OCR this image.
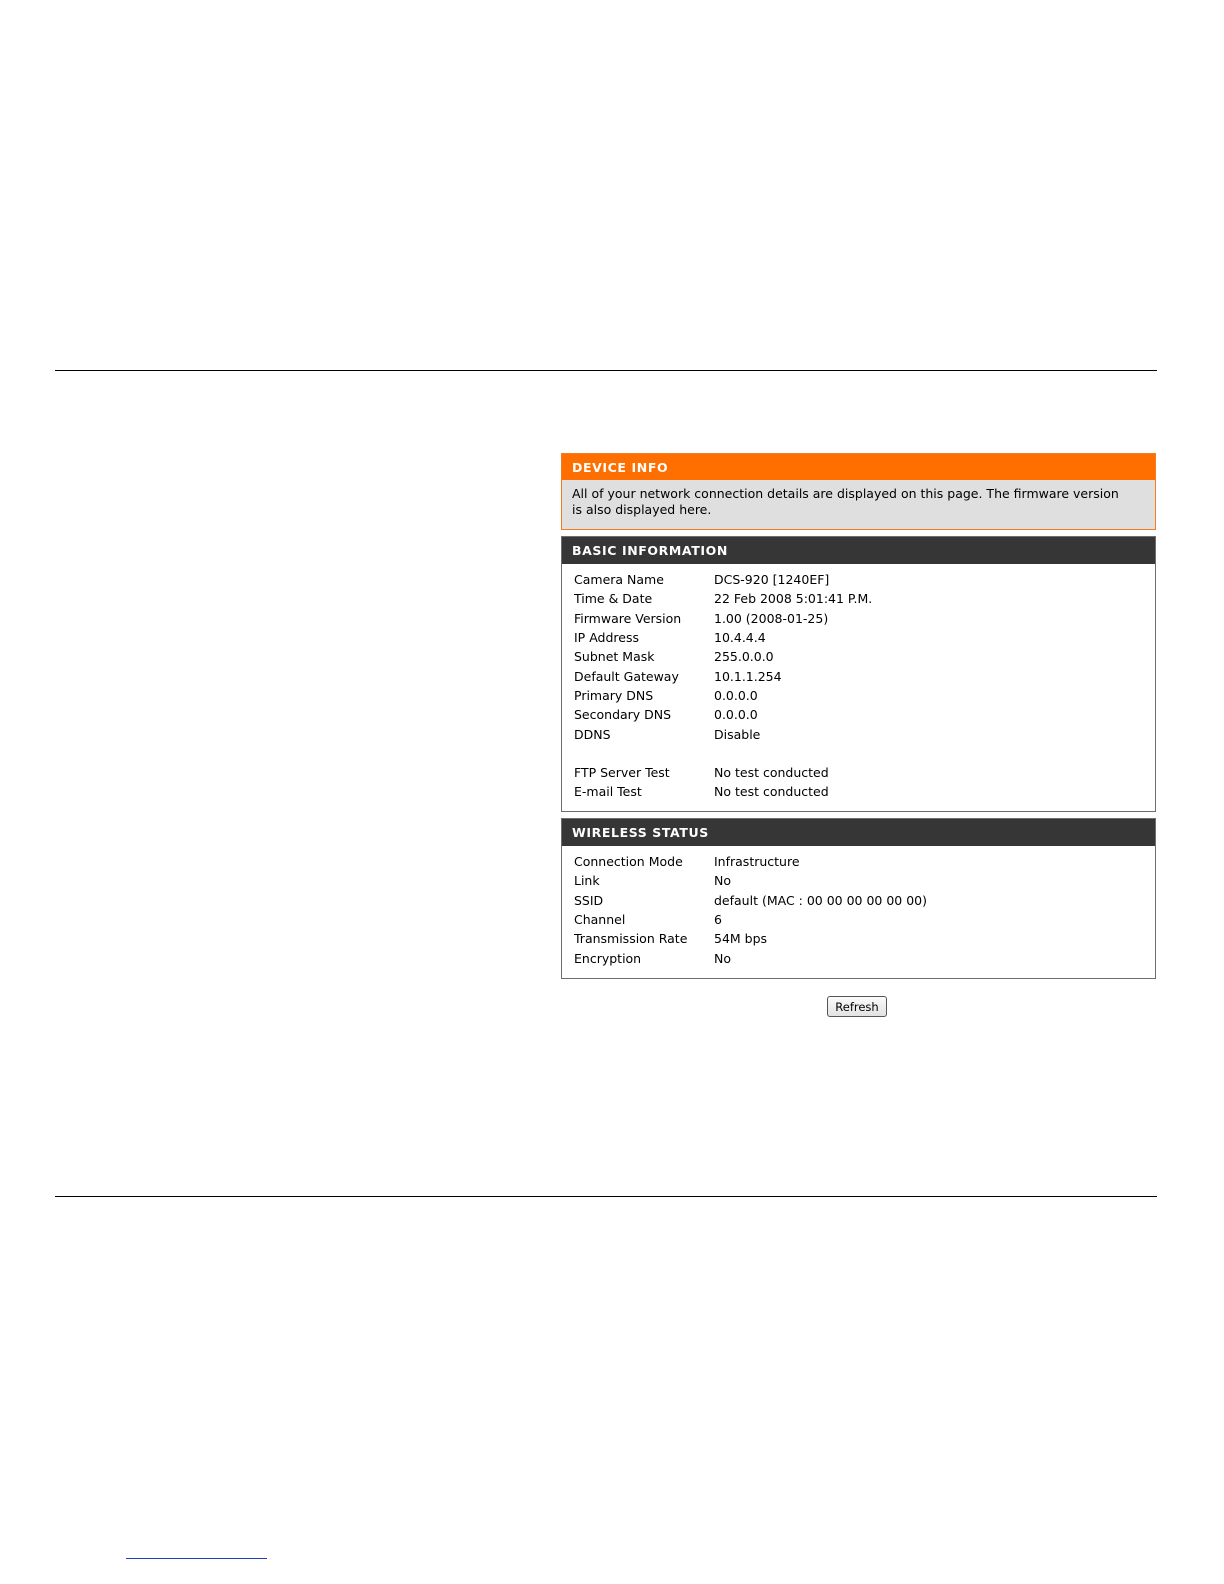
DEVICE INFO
All of your network connection details are displayed on this page. The firmware version is also displayed here.
BASIC INFORMATION
Camera Name	DCS-920 [1240EF]
Time & Date	22 Feb 2008 5:01:41 P.M.
Firmware Version	1.00 (2008-01-25)
IP Address	10.4.4.4
Subnet Mask	255.0.0.0
Default Gateway	10.1.1.254
Primary DNS	0.0.0.0
Secondary DNS	0.0.0.0
DDNS	Disable
FTP Server Test	No test conducted
E-mail Test	No test conducted
WIRELESS STATUS
Connection Mode	Infrastructure
Link	No
SSID	default (MAC : 00 00 00 00 00 00)
Channel	6
Transmission Rate	54M bps
Encryption	No
Refresh
